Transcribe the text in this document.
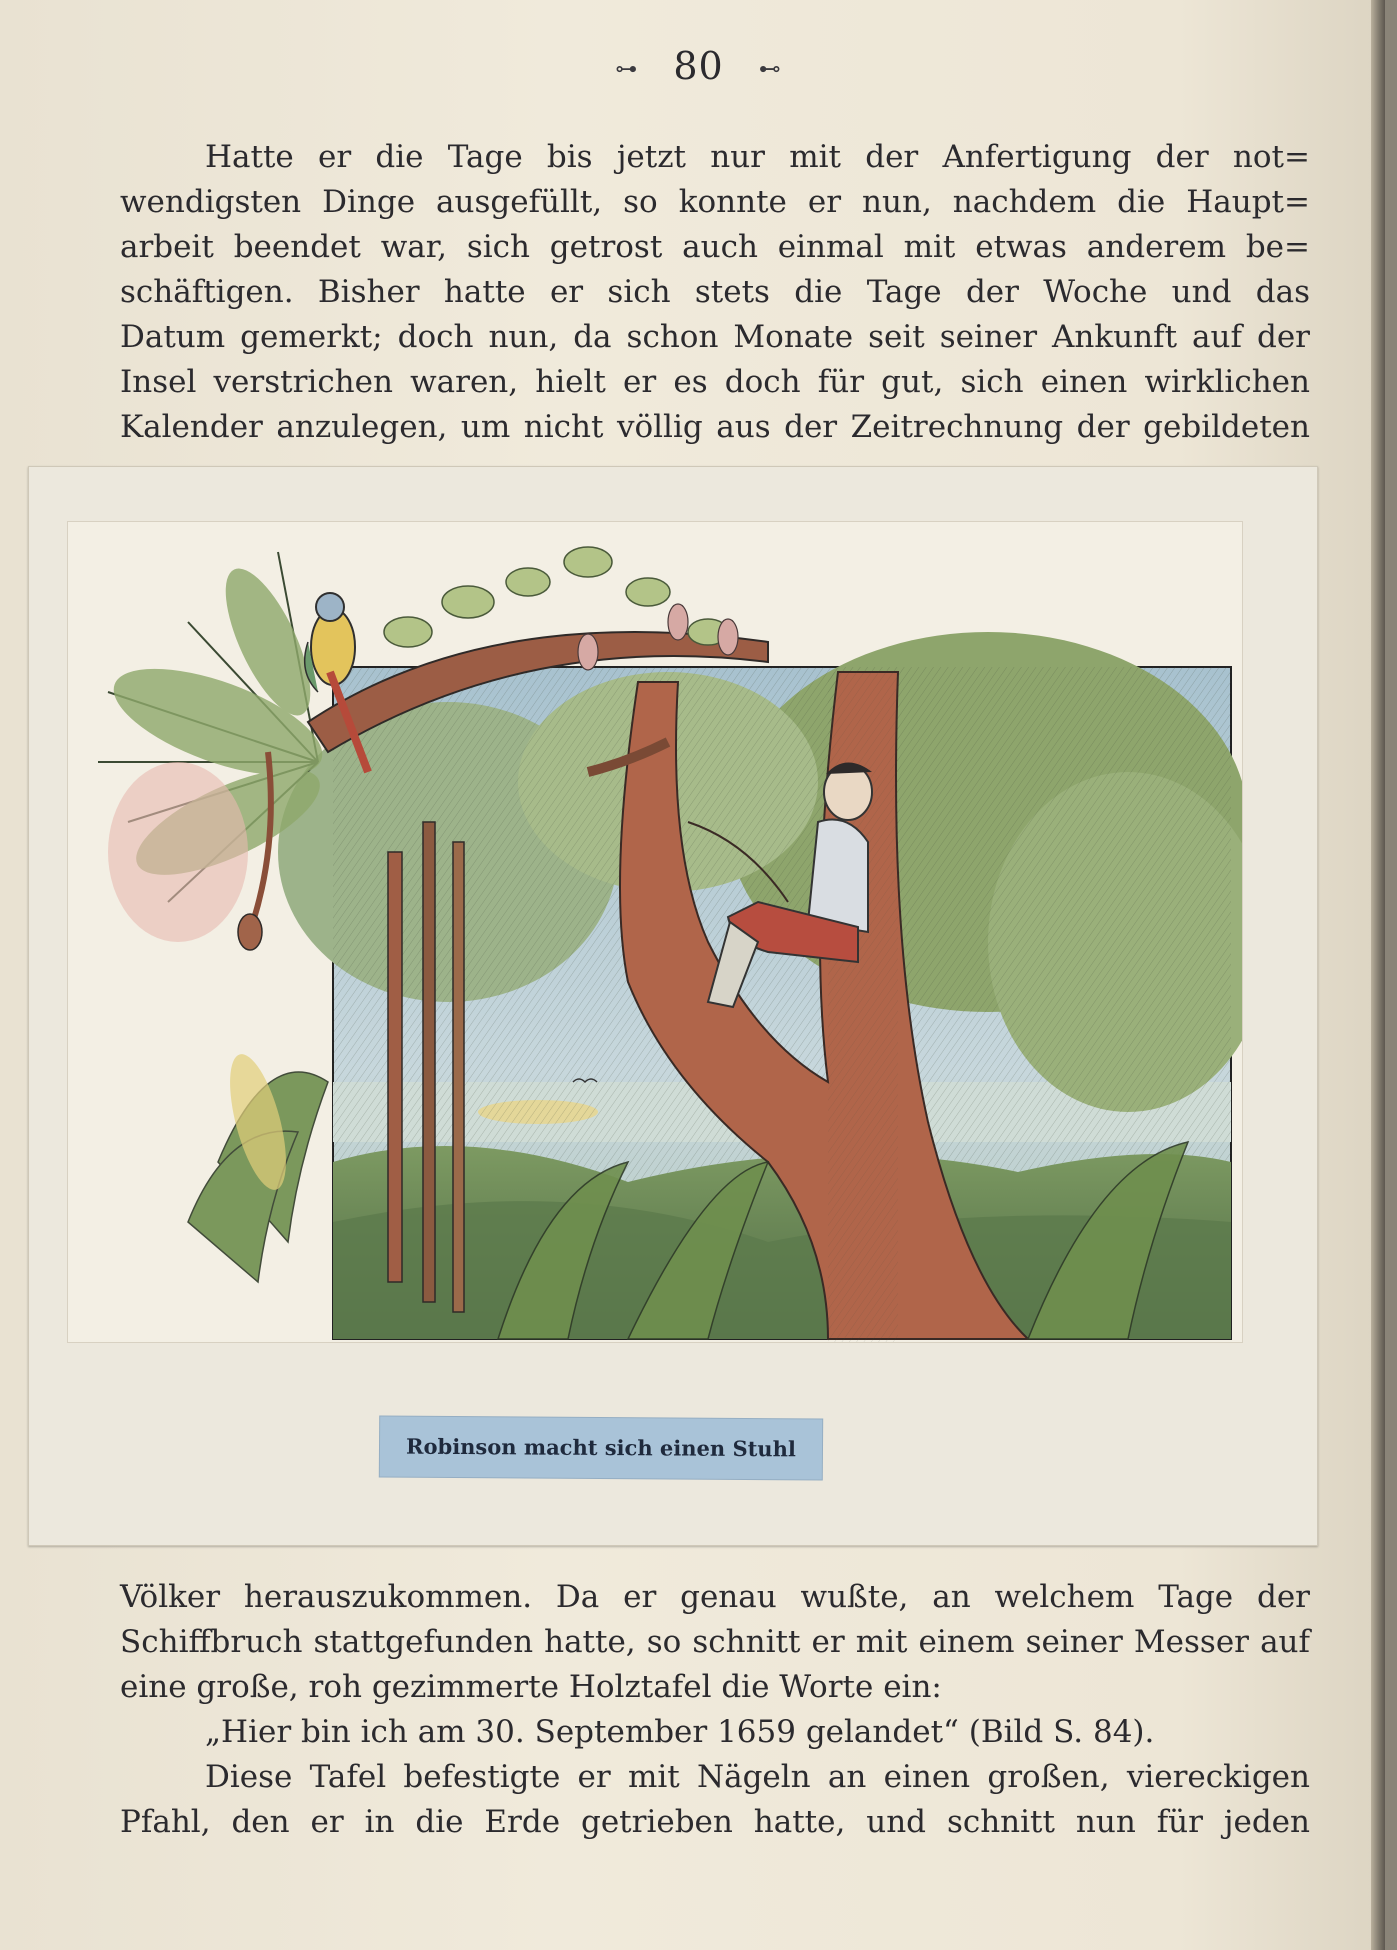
⊶ 80 ⊷
Hatte er die Tage bis jetzt nur mit der Anfertigung der not=
wendigsten Dinge ausgefüllt, so konnte er nun, nachdem die Haupt=
arbeit beendet war, sich getrost auch einmal mit etwas anderem be=
schäftigen. Bisher hatte er sich stets die Tage der Woche und das
Datum gemerkt; doch nun, da schon Monate seit seiner Ankunft auf der
Insel verstrichen waren, hielt er es doch für gut, sich einen wirklichen
Kalender anzulegen, um nicht völlig aus der Zeitrechnung der gebildeten
Robinson macht sich einen Stuhl
Völker herauszukommen. Da er genau wußte, an welchem Tage der
Schiffbruch stattgefunden hatte, so schnitt er mit einem seiner Messer auf
eine große, roh gezimmerte Holztafel die Worte ein:
„Hier bin ich am 30. September 1659 gelandet“ (Bild S. 84).
Diese Tafel befestigte er mit Nägeln an einen großen, viereckigen
Pfahl, den er in die Erde getrieben hatte, und schnitt nun für jeden
